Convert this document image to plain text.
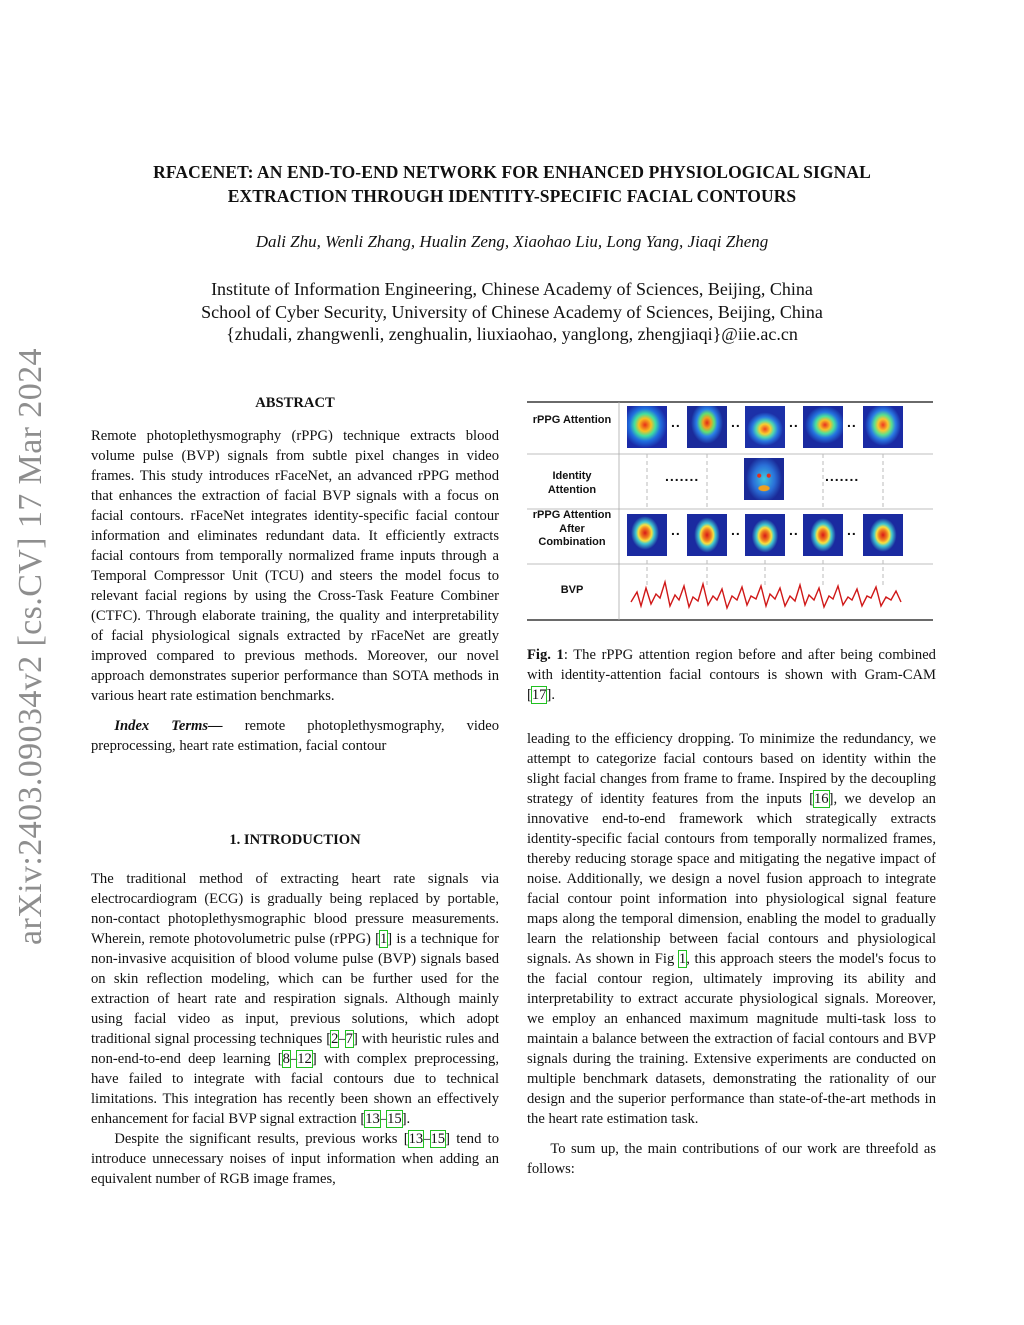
RFACENET: AN END-TO-END NETWORK FOR ENHANCED PHYSIOLOGICAL SIGNAL
EXTRACTION THROUGH IDENTITY-SPECIFIC FACIAL CONTOURS
Dali Zhu, Wenli Zhang, Hualin Zeng, Xiaohao Liu, Long Yang, Jiaqi Zheng
Institute of Information Engineering, Chinese Academy of Sciences, Beijing, China
School of Cyber Security, University of Chinese Academy of Sciences, Beijing, China
{zhudali, zhangwenli, zenghualin, liuxiaohao, yanglong, zhengjiaqi}@iie.ac.cn
arXiv:2403.09034v2 [cs.CV] 17 Mar 2024	ABSTRACT

Remote photoplethysmography (rPPG) technique extracts blood volume pulse (BVP) signals from subtle pixel changes in video frames. This study introduces rFaceNet, an advanced rPPG method that enhances the extraction of facial BVP signals with a focus on facial contours. rFaceNet integrates identity-specific facial contour information and eliminates redundant data. It efficiently extracts facial contours from temporally normalized frame inputs through a Temporal Compressor Unit (TCU) and steers the model focus to relevant facial regions by using the Cross-Task Feature Combiner (CTFC). Through elaborate training, the quality and interpretability of facial physiological signals extracted by rFaceNet are greatly improved compared to previous methods. Moreover, our novel approach demonstrates superior performance than SOTA methods in various heart rate estimation benchmarks.

Index Terms— remote photoplethysmography, video preprocessing, heart rate estimation, facial contour

1. INTRODUCTION

The traditional method of extracting heart rate signals via electrocardiogram (ECG) is gradually being replaced by portable, non-contact photoplethysmographic blood pressure measurements. Wherein, remote photovolumetric pulse (rPPG) [1] is a technique for non-invasive acquisition of blood volume pulse (BVP) signals based on skin reflection modeling, which can be further used for the extraction of heart rate and respiration signals. Although mainly using facial video as input, previous solutions, which adopt traditional signal processing techniques [2–7] with heuristic rules and non-end-to-end deep learning [8–12] with complex preprocessing, have failed to integrate with facial contours due to technical limitations. This integration has recently been shown an effectively enhancement for facial BVP signal extraction [13–15].

Despite the significant results, previous works [13–15] tend to introduce unnecessary noises of input information when adding an equivalent number of RGB image frames,

rPPG Attention
Identity Attention
rPPG Attention After Combination
BVP
..	..	..	..
.......	.......
..	..	..	..
Fig. 1: The rPPG attention region before and after being combined with identity-attention facial contours is shown with Gram-CAM [17].

leading to the efficiency dropping. To minimize the redundancy, we attempt to categorize facial contours based on identity within the slight facial changes from frame to frame. Inspired by the decoupling strategy of identity features from the inputs [16], we develop an innovative end-to-end framework which strategically extracts identity-specific facial contours from temporally normalized frames, thereby reducing storage space and mitigating the negative impact of noise. Additionally, we design a novel fusion approach to integrate facial contour point information into physiological signal feature maps along the temporal dimension, enabling the model to gradually learn the relationship between facial contours and physiological signals. As shown in Fig 1, this approach steers the model's focus to the facial contour region, ultimately improving its ability and interpretability to extract accurate physiological signals. Moreover, we employ an enhanced maximum magnitude multi-task loss to maintain a balance between the extraction of facial contours and BVP signals during the training. Extensive experiments are conducted on multiple benchmark datasets, demonstrating the rationality of our design and the superior performance than state-of-the-art methods in the heart rate estimation task.

To sum up, the main contributions of our work are threefold as follows:
